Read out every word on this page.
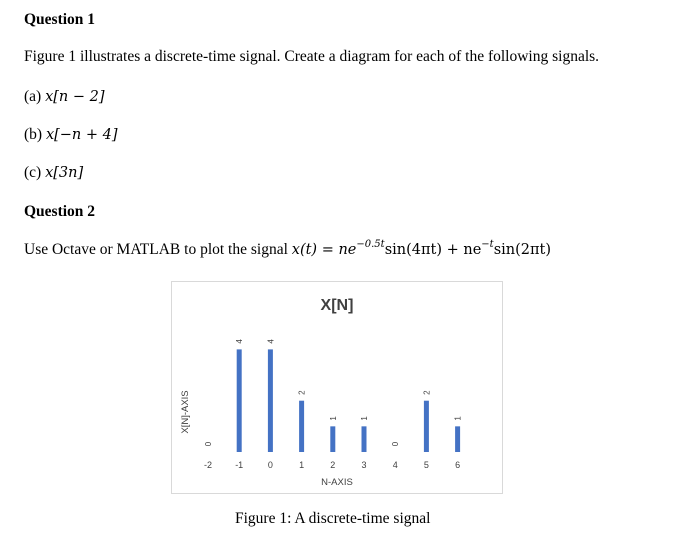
Question 1
Figure 1 illustrates a discrete-time signal. Create a diagram for each of the following signals.
(a) x[n − 2]
(b) x[−n + 4]
(c) x[3n]
Question 2
Use Octave or MATLAB to plot the signal $x(t) = ne^{-0.5t}\sin(4\pi t) + ne^{-t}\sin(2\pi t)$
X[N]
X[N]-AXIS
N-AXIS
0
-2
4
-1
4
0
2
1
1
2
1
3
0
4
2
5
1
6
Figure 1: A discrete-time signal
